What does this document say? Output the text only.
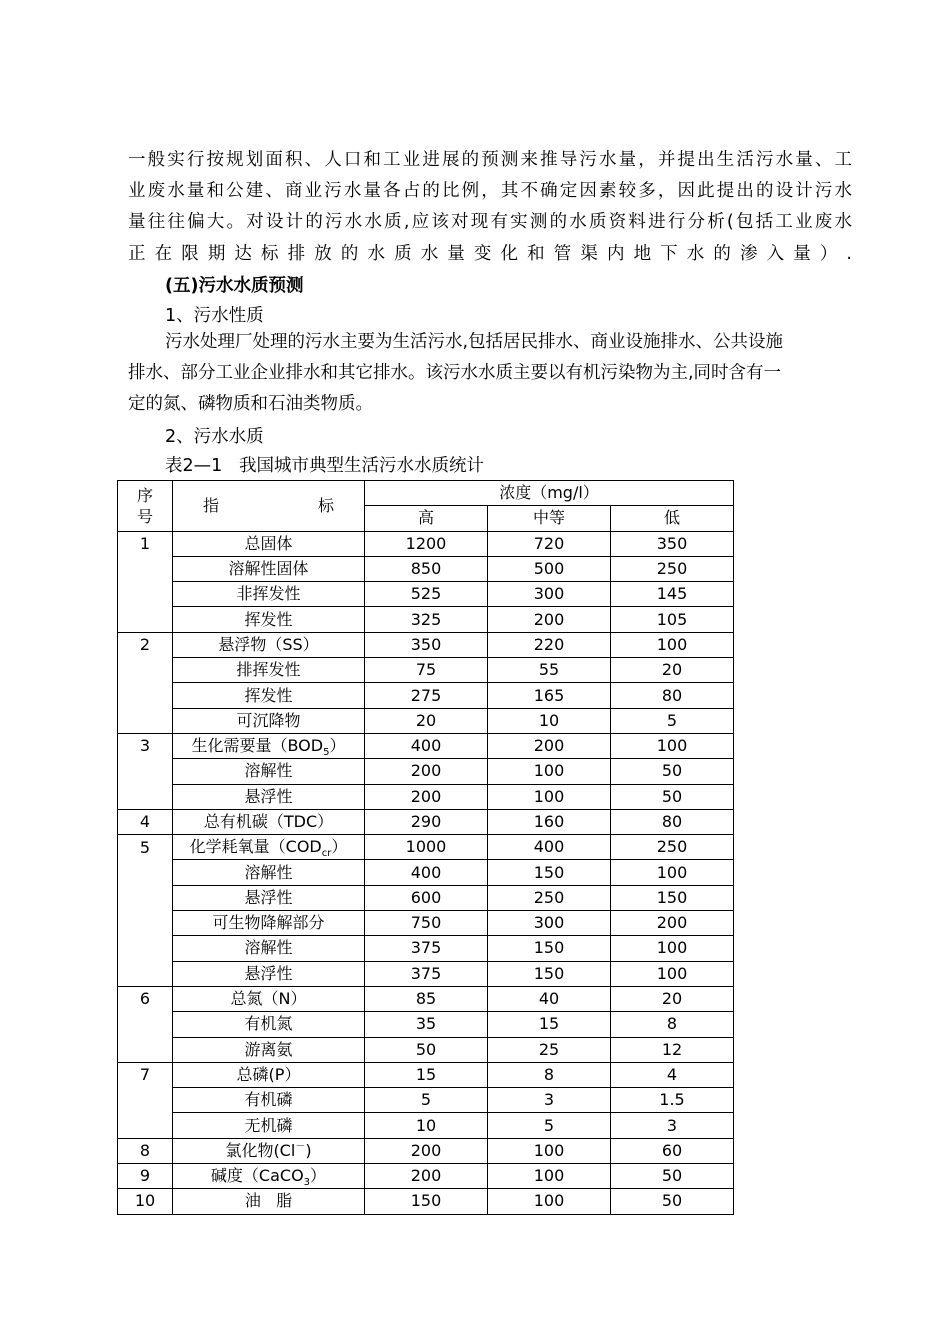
一般实行按规划面积、人口和工业进展的预测来推导污水量，并提出生活污水量、工
业废水量和公建、商业污水量各占的比例，其不确定因素较多，因此提出的设计污水
量往往偏大。对设计的污水水质,应该对现有实测的水质资料进行分析(包括工业废水
正在限期达标排放的水质水量变化和管渠内地下水的渗入量）.
(五)污水水质预测
1、污水性质
污水处理厂处理的污水主要为生活污水,包括居民排水、商业设施排水、公共设施
排水、部分工业企业排水和其它排水。该污水水质主要以有机污染物为主,同时含有一
定的氮、磷物质和石油类物质。
2、污水水质
表2—1   我国城市典型生活污水水质统计
序
号	指 标	浓度（mg/l）		
		高	中等	低
1	总固体	1200	720	350
	溶解性固体	850	500	250
	非挥发性	525	300	145
	挥发性	325	200	105
2	悬浮物（SS）	350	220	100
	排挥发性	75	55	20
	挥发性	275	165	80
	可沉降物	20	10	5
3	生化需要量$(BOD_5)$	400	200	100
	溶解性	200	100	50
	悬浮性	200	100	50
4	总有机碳（TDC）	290	160	80
5	化学耗氧量$(COD_{cr})$	1000	400	250
	溶解性	400	150	100
	悬浮性	600	250	150
	可生物降解部分	750	300	200
	溶解性	375	150	100
	悬浮性	375	150	100
6	总氮（N）	85	40	20
	有机氮	35	15	8
	游离氨	50	25	12
7	总磷(P）	15	8	4
	有机磷	5	3	1.5
	无机磷	10	5	3
8	氯化物(Cl－)	200	100	60
9	碱度（CaCO$_3$）	200	100	50
10	油   脂	150	100	50
